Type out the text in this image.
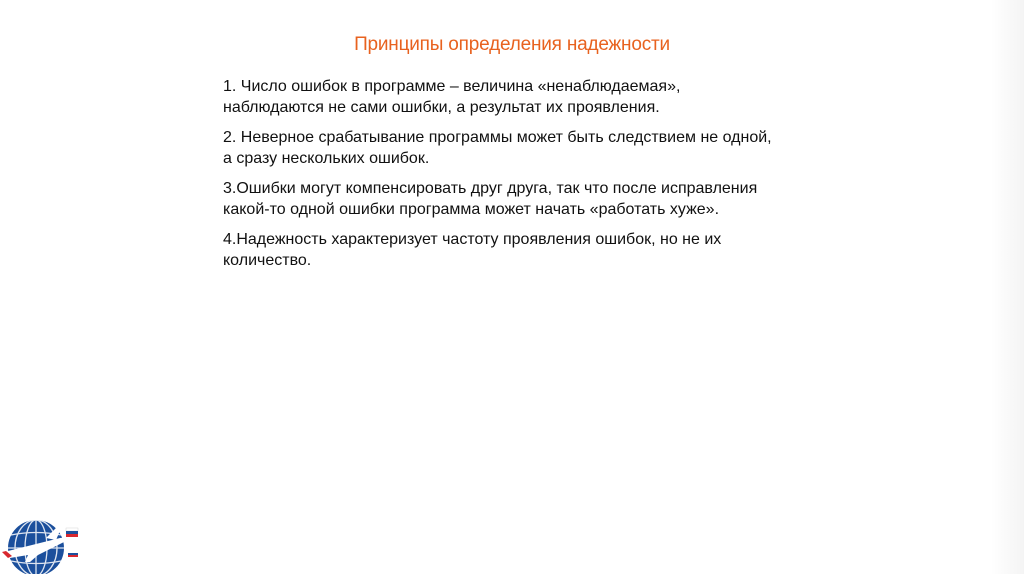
Принципы определения надежности

1. Число ошибок в программе – величина «ненаблюдаемая», наблюдаются не сами ошибки, а результат их проявления.

2. Неверное срабатывание программы может быть следствием не одной, а сразу нескольких ошибок.

3.Ошибки могут компенсировать друг друга, так что после исправления какой-то одной ошибки программа может начать «работать хуже».

4.Надежность характеризует частоту проявления ошибок, но не их количество.
